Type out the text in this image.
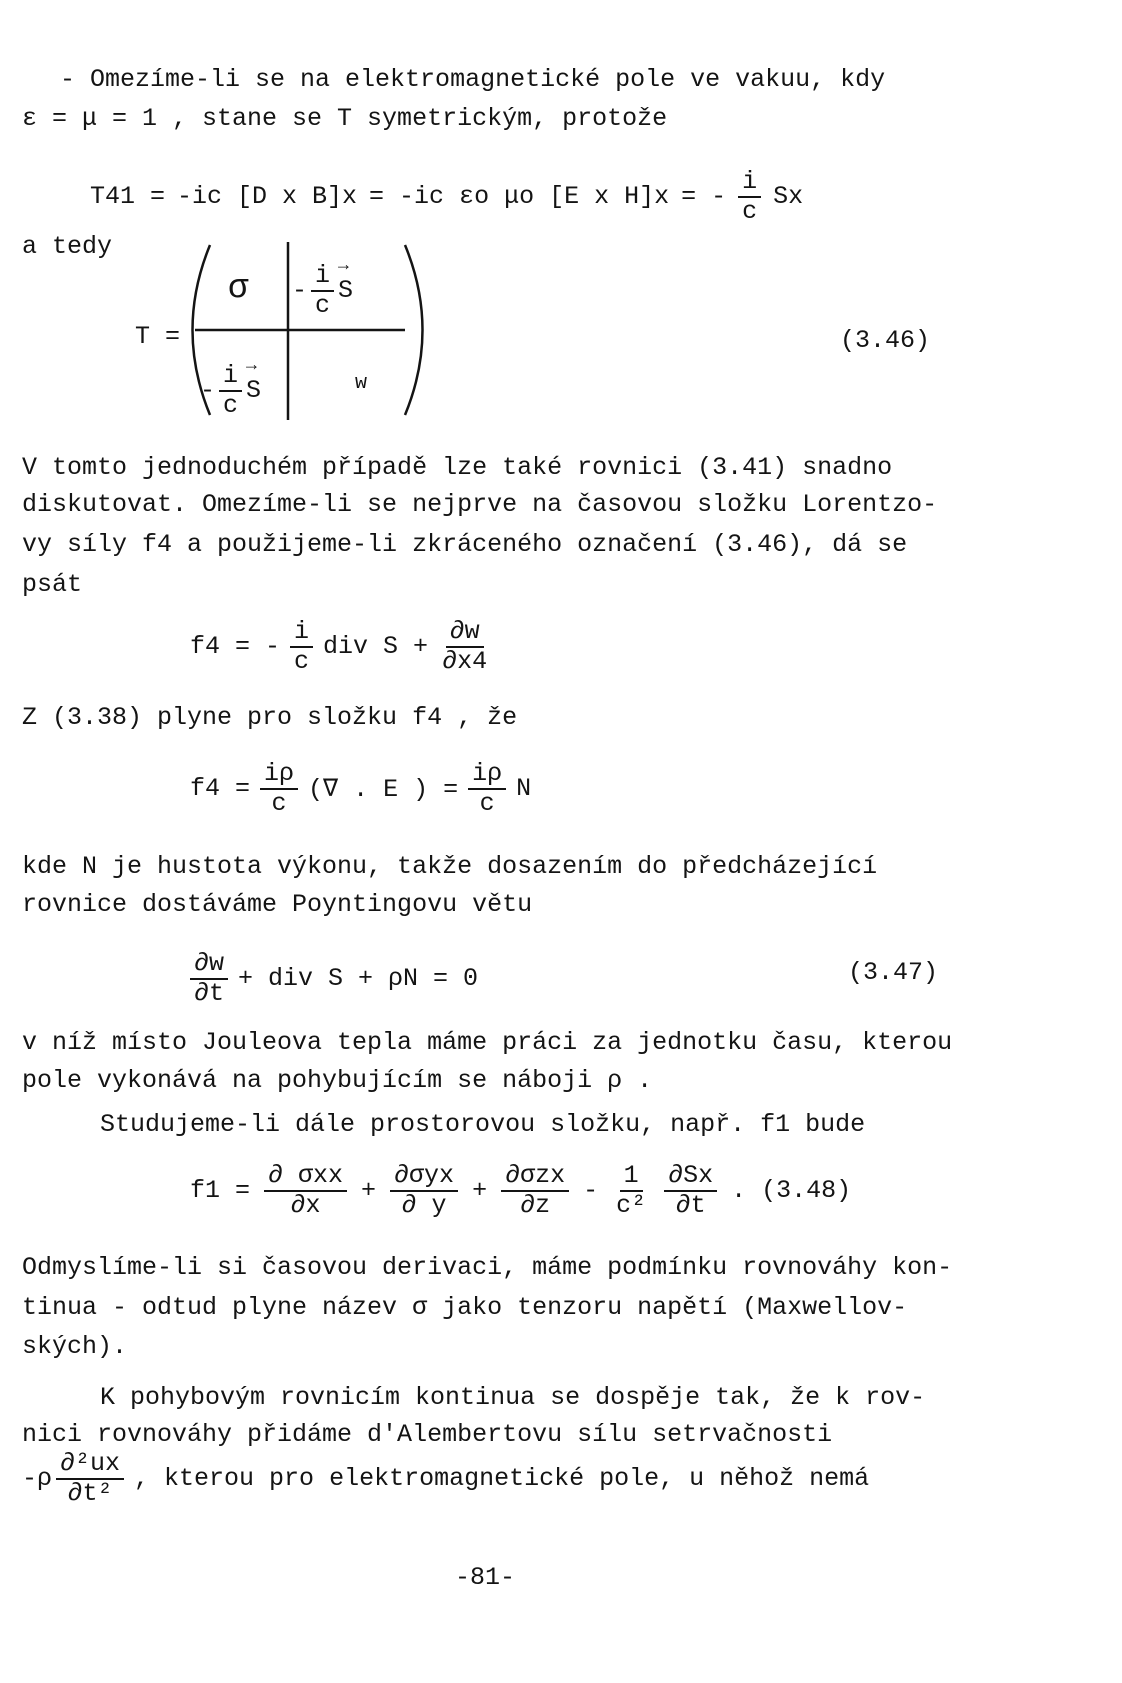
- Omezíme-li se na elektromagnetické pole ve vakuu, kdy
ε = μ = 1 , stane se T symetrickým, protože
T41 = -ic [D x B]x = -ic εo μo [E x H]x = - $\frac{i}{c}$ Sx
a tedy
T =
$\sigma - \frac{i}{c} \to S$
- $\frac{i}{c} \to S$	w
(3.46)
V tomto jednoduchém případě lze také rovnici (3.41) snadno
diskutovat. Omezíme-li se nejprve na časovou složku Lorentzo-
vy síly f4 a použijeme-li zkráceného označení (3.46), dá se
psát
f4 = - $\frac{i}{c}$ div $S + \frac{\partial w}{\partial x4}$
Z (3.38) plyne pro složku f4 , že
$f4 = \frac{i\rho}{c}$ (∇ . E ) = $\frac{i\rho}{c}$ N
kde N je hustota výkonu, takže dosazením do předcházející
rovnice dostáváme Poyntingovu větu
$\frac{\partial w}{\partial t}$ + div S + ρN = 0	(3.47)
v níž místo Jouleova tepla máme práci za jednotku času, kterou
pole vykonává na pohybujícím se náboji ρ .
Studujeme-li dále prostorovou složku, např. f1 bude
f1 =
∂ σxx
∂x +
∂σyx
∂ y +
∂σzx
$\partial z - \frac{1}{\text{c²}} \frac{\partial Sx}{\partial t}$ . (3.48)
Odmyslíme-li si časovou derivaci, máme podmínku rovnováhy kon-
tinua - odtud plyne název σ jako tenzoru napětí (Maxwellov-
ských).
K pohybovým rovnicím kontinua se dospěje tak, že k rov-
nici rovnováhy přidáme d'Alembertovu sílu setrvačnosti
$-\rho \frac{\text{∂²ux}}{\text{∂t²}}$ , kterou pro elektromagnetické pole, u něhož nemá
-81-
